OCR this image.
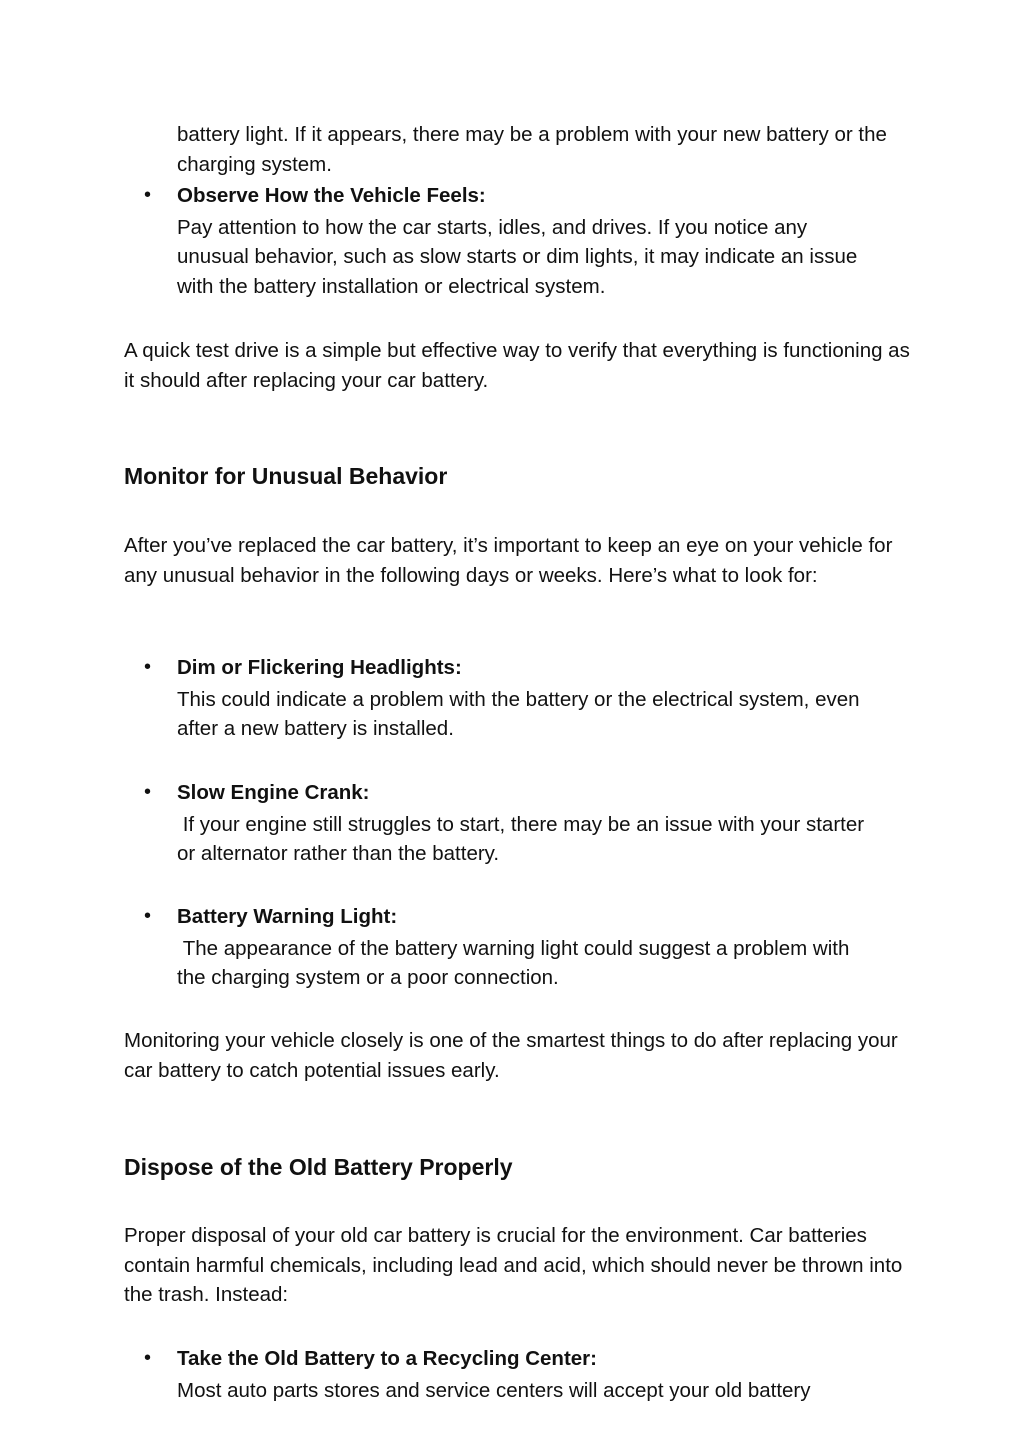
battery light. If it appears, there may be a problem with your new battery or the charging system.

• Observe How the Vehicle Feels:
Pay attention to how the car starts, idles, and drives. If you notice any unusual behavior, such as slow starts or dim lights, it may indicate an issue with the battery installation or electrical system.

A quick test drive is a simple but effective way to verify that everything is functioning as it should after replacing your car battery.

Monitor for Unusual Behavior

After you’ve replaced the car battery, it’s important to keep an eye on your vehicle for any unusual behavior in the following days or weeks. Here’s what to look for:

• Dim or Flickering Headlights:
This could indicate a problem with the battery or the electrical system, even after a new battery is installed.
• Slow Engine Crank:
If your engine still struggles to start, there may be an issue with your starter or alternator rather than the battery.
• Battery Warning Light:
The appearance of the battery warning light could suggest a problem with the charging system or a poor connection.

Monitoring your vehicle closely is one of the smartest things to do after replacing your car battery to catch potential issues early.

Dispose of the Old Battery Properly

Proper disposal of your old car battery is crucial for the environment. Car batteries contain harmful chemicals, including lead and acid, which should never be thrown into the trash. Instead:

• Take the Old Battery to a Recycling Center:
Most auto parts stores and service centers will accept your old battery
